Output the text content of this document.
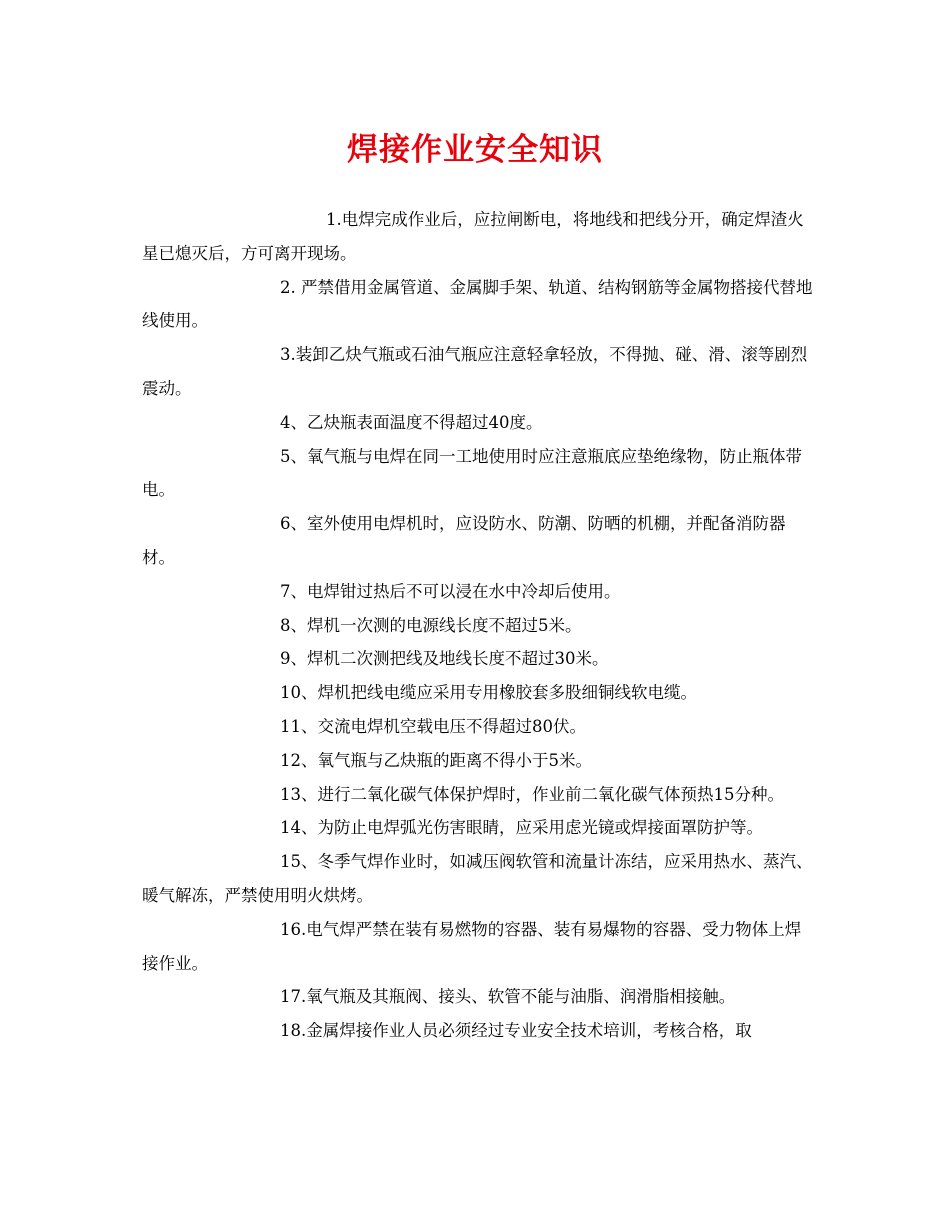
焊接作业安全知识

1.电焊完成作业后，应拉闸断电，将地线和把线分开，确定焊渣火星已熄灭后，方可离开现场。

2. 严禁借用金属管道、金属脚手架、轨道、结构钢筋等金属物搭接代替地线使用。

3.装卸乙炔气瓶或石油气瓶应注意轻拿轻放，不得抛、碰、滑、滚等剧烈震动。

4、乙炔瓶表面温度不得超过40度。

5、氧气瓶与电焊在同一工地使用时应注意瓶底应垫绝缘物，防止瓶体带电。

6、室外使用电焊机时，应设防水、防潮、防晒的机棚，并配备消防器材。

7、电焊钳过热后不可以浸在水中冷却后使用。

8、焊机一次测的电源线长度不超过5米。

9、焊机二次测把线及地线长度不超过30米。

10、焊机把线电缆应采用专用橡胶套多股细铜线软电缆。

11、交流电焊机空载电压不得超过80伏。

12、氧气瓶与乙炔瓶的距离不得小于5米。

13、进行二氧化碳气体保护焊时，作业前二氧化碳气体预热15分种。

14、为防止电焊弧光伤害眼睛，应采用虑光镜或焊接面罩防护等。

15、冬季气焊作业时，如减压阀软管和流量计冻结，应采用热水、蒸汽、暖气解冻，严禁使用明火烘烤。

16.电气焊严禁在装有易燃物的容器、装有易爆物的容器、受力物体上焊接作业。

17.氧气瓶及其瓶阀、接头、软管不能与油脂、润滑脂相接触。

18.金属焊接作业人员必须经过专业安全技术培训，考核合格，取
